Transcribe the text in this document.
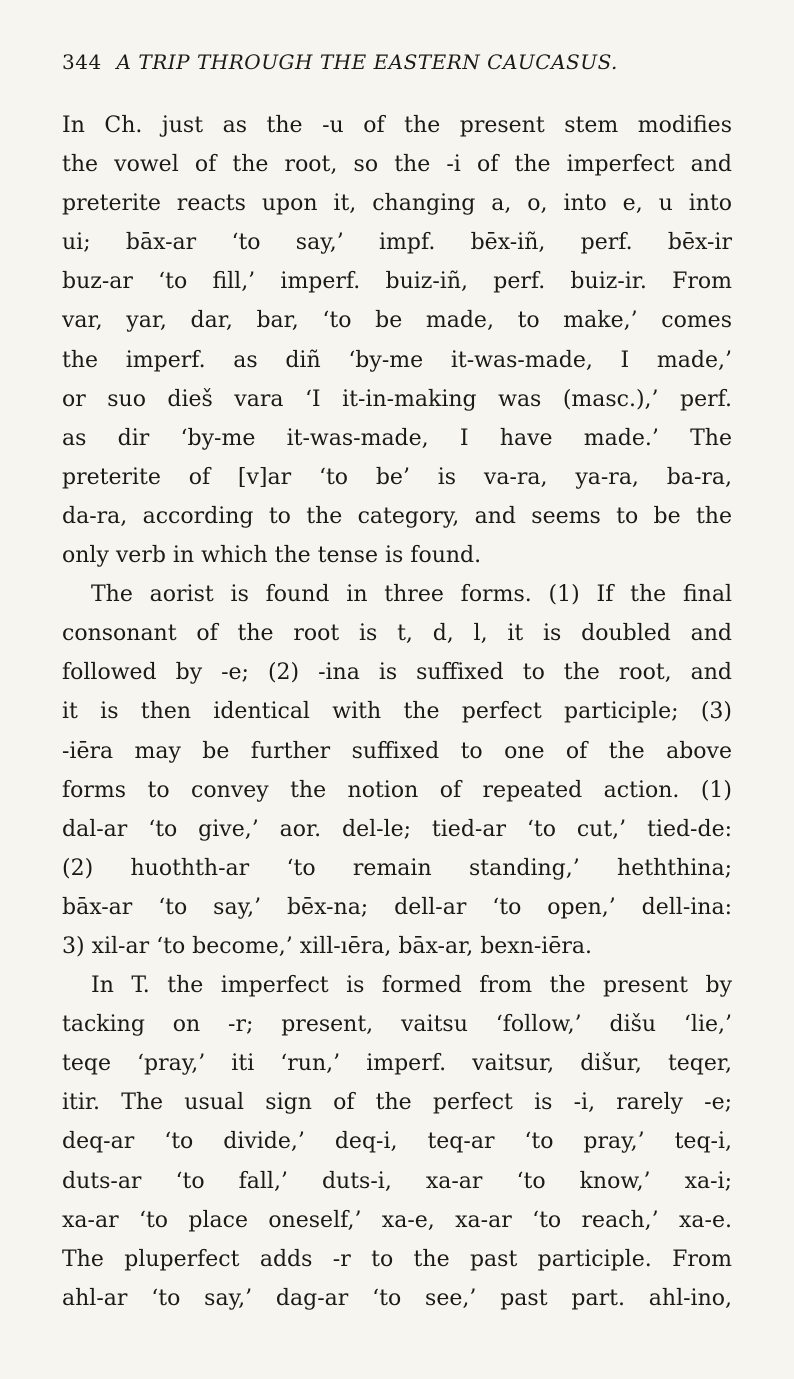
344 A TRIP THROUGH THE EASTERN CAUCASUS.
In Ch. just as the -u of the present stem modifies
the vowel of the root, so the -i of the imperfect and
preterite reacts upon it, changing a, o, into e, u into
ui; bāx-ar ‘to say,’ impf. bēx-iñ, perf. bēx-ir
buz-ar ‘to fill,’ imperf. buiz-iñ, perf. buiz-ir. From
var, yar, dar, bar, ‘to be made, to make,’ comes
the imperf. as diñ ‘by-me it-was-made, I made,’
or suo dieš vara ‘I it-in-making was (masc.),’ perf.
as dir ‘by-me it-was-made, I have made.’ The
preterite of [v]ar ‘to be’ is va-ra, ya-ra, ba-ra,
da-ra, according to the category, and seems to be the
only verb in which the tense is found.
The aorist is found in three forms. (1) If the final
consonant of the root is t, d, l, it is doubled and
followed by -e; (2) -ina is suffixed to the root, and
it is then identical with the perfect participle; (3)
-iēra may be further suffixed to one of the above
forms to convey the notion of repeated action. (1)
dal-ar ‘to give,’ aor. del-le; tied-ar ‘to cut,’ tied-de:
(2) huothth-ar ‘to remain standing,’ heththina;
bāx-ar ‘to say,’ bēx-na; dell-ar ‘to open,’ dell-ina:
3) xil-ar ‘to become,’ xill-ıēra, bāx-ar, bexn-iēra.
In T. the imperfect is formed from the present by
tacking on -r; present, vaitsu ‘follow,’ dišu ‘lie,’
teqe ‘pray,’ iti ‘run,’ imperf. vaitsur, dišur, teqer,
itir. The usual sign of the perfect is -i, rarely -e;
deq-ar ‘to divide,’ deq-i, teq-ar ‘to pray,’ teq-i,
duts-ar ‘to fall,’ duts-i, xa-ar ‘to know,’ xa-i;
xa-ar ‘to place oneself,’ xa-e, xa-ar ‘to reach,’ xa-e.
The pluperfect adds -r to the past participle. From
ahl-ar ‘to say,’ dag-ar ‘to see,’ past part. ahl-ino,
